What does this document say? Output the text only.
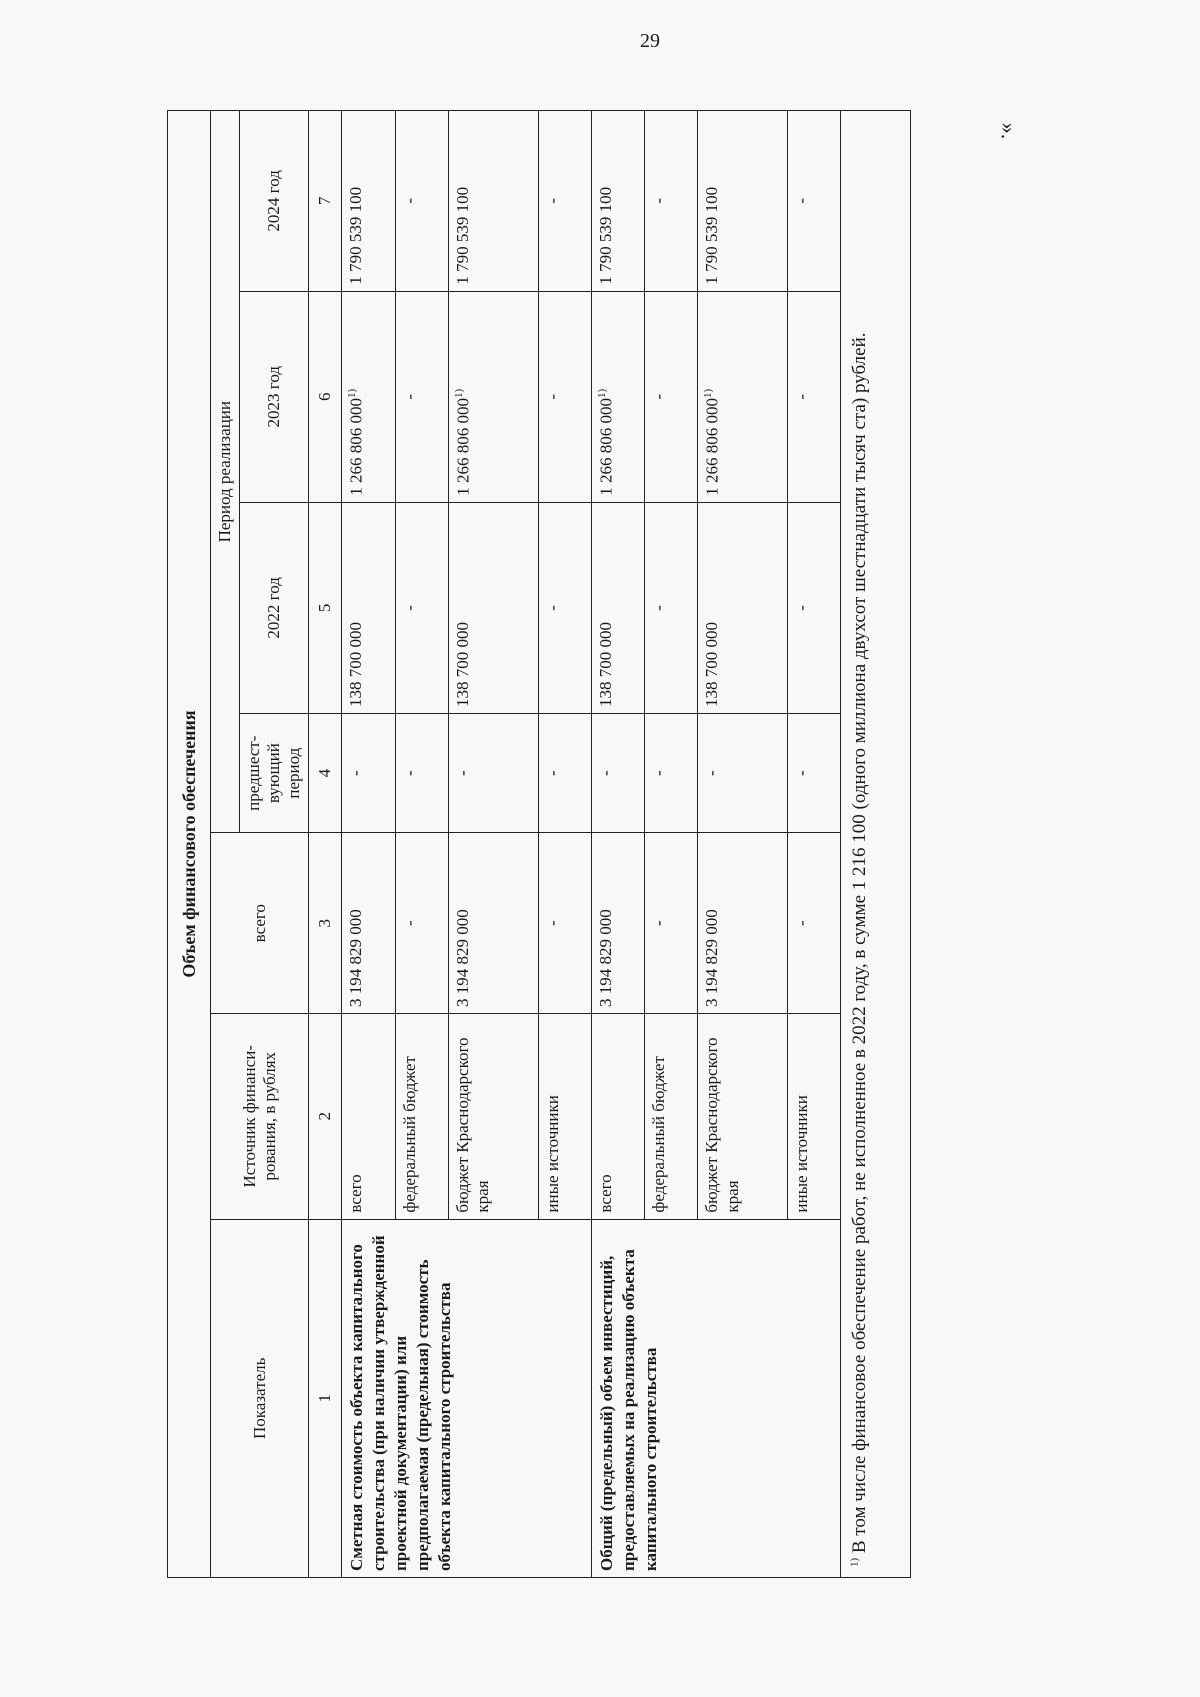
29
».
Объем финансового обеспечения						
Показатель	Источник финанси-рования, в рублях	всего	Период реализации			
			предшест-вующий период	2022 год	2023 год	2024 год
1	2	3	4	5	6	7
Сметная стоимость объекта капитального строительства (при наличии утвержденной проектной документации) или предполагаемая (предельная) стоимость объекта капитального строительства	всего	3 194 829 000	-	138 700 000	1 266 806 000$^{1)}$	1 790 539 100
	федеральный бюджет	-	-	-	-	-
	бюджет Краснодарского края	3 194 829 000	-	138 700 000	1 266 806 000$^{1)}$	1 790 539 100
	иные источники	-	-	-	-	-
Общий (предельный) объем инвестиций, предоставляемых на реализацию объекта капитального строительства	всего	3 194 829 000	-	138 700 000	1 266 806 000$^{1)}$	1 790 539 100
	федеральный бюджет	-	-	-	-	-
	бюджет Краснодарского края	3 194 829 000	-	138 700 000	1 266 806 000$^{1)}$	1 790 539 100
	иные источники	-	-	-	-	-
$^{1)}$ В том числе финансовое обеспечение работ, не исполненное в 2022 году, в сумме 1 216 100 (одного миллиона двухсот шестнадцати тысяч ста) рублей.						
